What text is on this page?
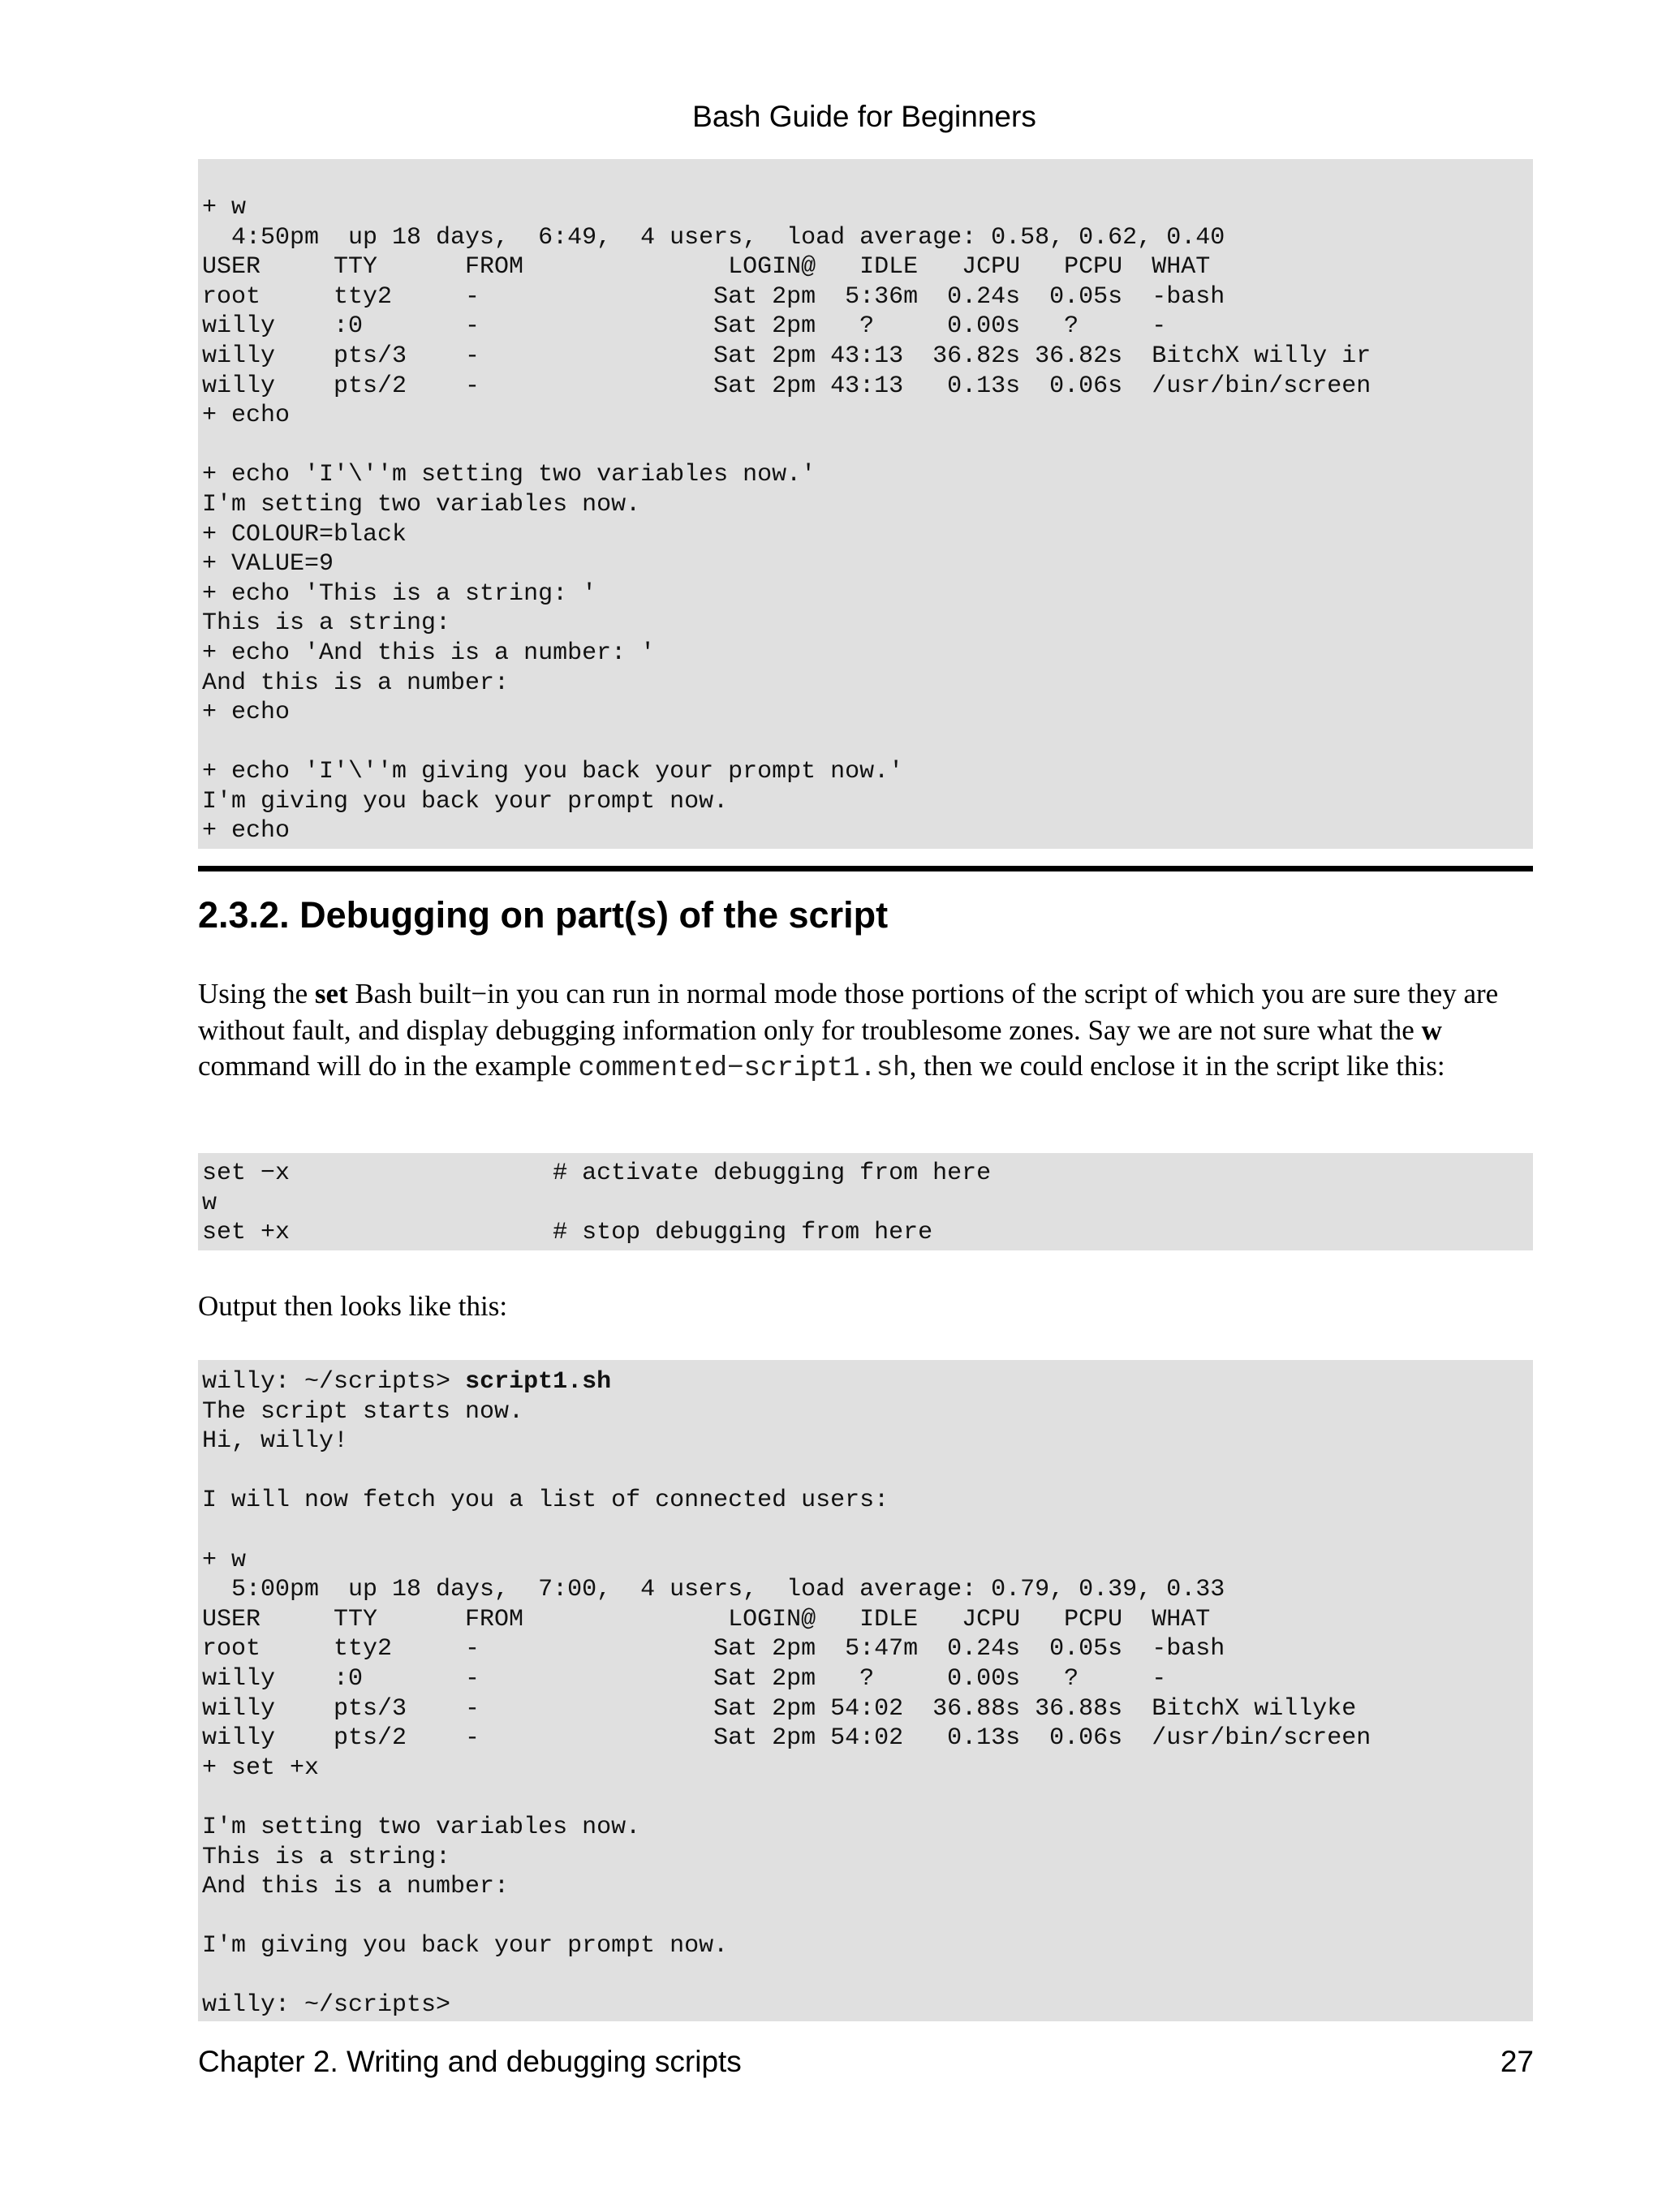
Bash Guide for Beginners
+ w
4:50pm  up 18 days,  6:49,  4 users,  load average: 0.58, 0.62, 0.40
USER     TTY      FROM              LOGIN@   IDLE   JCPU   PCPU  WHAT
root     tty2     -                Sat 2pm  5:36m  0.24s  0.05s  -bash
willy    :0       -                Sat 2pm   ?     0.00s   ?     -
willy    pts/3    -                Sat 2pm 43:13  36.82s 36.82s  BitchX willy ir
willy    pts/2    -                Sat 2pm 43:13   0.13s  0.06s  /usr/bin/screen
+ echo

+ echo 'I'\''m setting two variables now.'
I'm setting two variables now.
+ COLOUR=black
+ VALUE=9
+ echo 'This is a string: '
This is a string:
+ echo 'And this is a number: '
And this is a number:
+ echo

+ echo 'I'\''m giving you back your prompt now.'
I'm giving you back your prompt now.
+ echo
2.3.2. Debugging on part(s) of the script

Using the set Bash built−in you can run in normal mode those portions of the script of which you are sure they are without fault, and display debugging information only for troublesome zones. Say we are not sure what the w command will do in the example commented−script1.sh, then we could enclose it in the script like this:

set −x                  # activate debugging from here
w
set +x                  # stop debugging from here

Output then looks like this:

willy: ~/scripts> script1.sh
The script starts now.
Hi, willy!

I will now fetch you a list of connected users:

+ w
5:00pm  up 18 days,  7:00,  4 users,  load average: 0.79, 0.39, 0.33
USER     TTY      FROM              LOGIN@   IDLE   JCPU   PCPU  WHAT
root     tty2     -                Sat 2pm  5:47m  0.24s  0.05s  -bash
willy    :0       -                Sat 2pm   ?     0.00s   ?     -
willy    pts/3    -                Sat 2pm 54:02  36.88s 36.88s  BitchX willyke
willy    pts/2    -                Sat 2pm 54:02   0.13s  0.06s  /usr/bin/screen
+ set +x

I'm setting two variables now.
This is a string:
And this is a number:

I'm giving you back your prompt now.

willy: ~/scripts>
Chapter 2. Writing and debugging scripts	27
